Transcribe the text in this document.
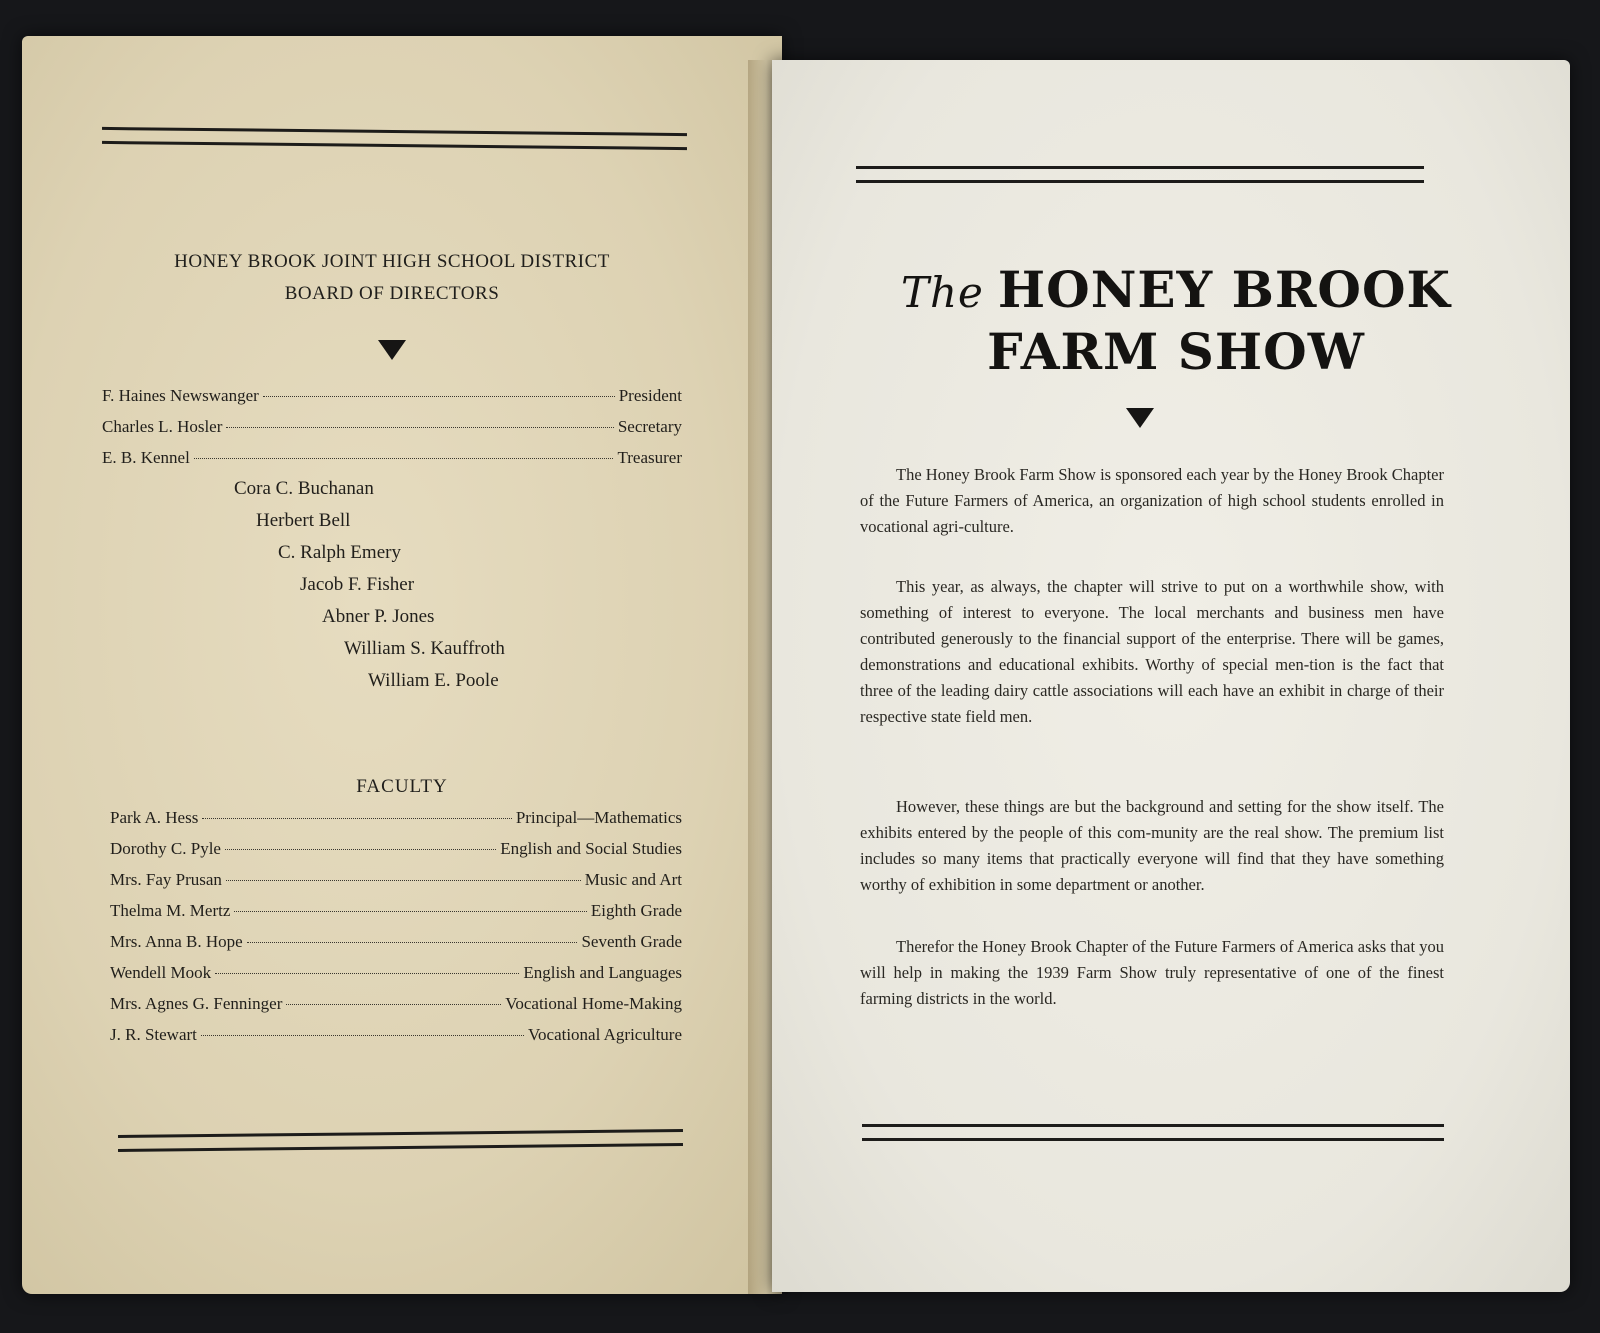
HONEY BROOK JOINT HIGH SCHOOL DISTRICT
BOARD OF DIRECTORS
F. Haines Newswanger	President
Charles L. Hosler	Secretary
E. B. Kennel	Treasurer
Cora C. Buchanan
Herbert Bell
C. Ralph Emery
Jacob F. Fisher
Abner P. Jones
William S. Kauffroth
William E. Poole
FACULTY
Park A. Hess	Principal—Mathematics
Dorothy C. Pyle	English and Social Studies
Mrs. Fay Prusan	Music and Art
Thelma M. Mertz	Eighth Grade
Mrs. Anna B. Hope	Seventh Grade
Wendell Mook	English and Languages
Mrs. Agnes G. Fenninger	Vocational Home-Making
J. R. Stewart	Vocational Agriculture
The HONEY BROOK
FARM SHOW

The Honey Brook Farm Show is sponsored each year by the Honey Brook Chapter of the Future Farmers of America, an organization of high school students enrolled in vocational agri-culture.

This year, as always, the chapter will strive to put on a worthwhile show, with something of interest to everyone. The local merchants and business men have contributed generously to the financial support of the enterprise. There will be games, demonstrations and educational exhibits. Worthy of special men-tion is the fact that three of the leading dairy cattle associations will each have an exhibit in charge of their respective state field men.

However, these things are but the background and setting for the show itself. The exhibits entered by the people of this com-munity are the real show. The premium list includes so many items that practically everyone will find that they have something worthy of exhibition in some department or another.

Therefor the Honey Brook Chapter of the Future Farmers of America asks that you will help in making the 1939 Farm Show truly representative of one of the finest farming districts in the world.
